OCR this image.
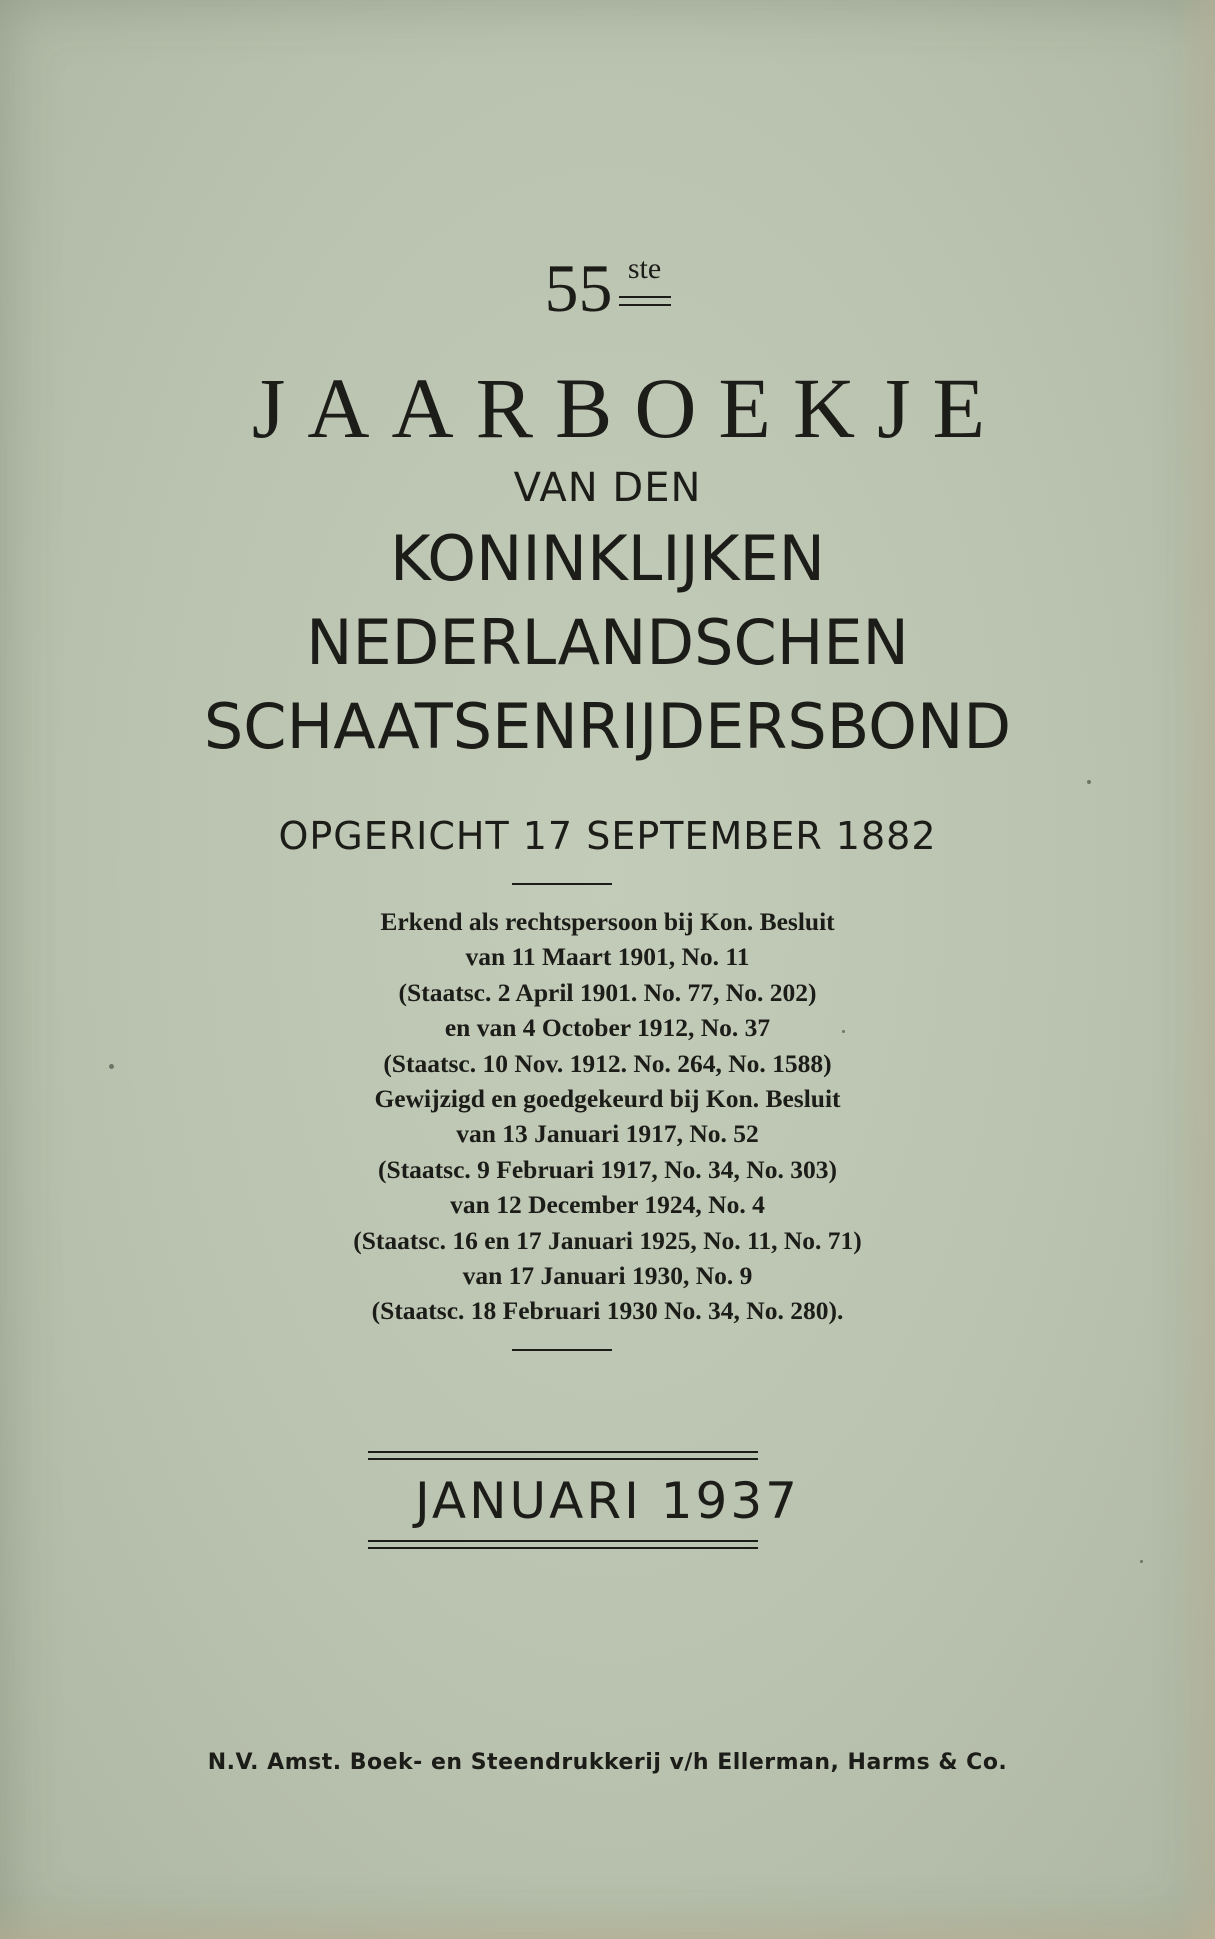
55 ste
JAARBOEKJE
VAN DEN
KONINKLIJKEN
NEDERLANDSCHEN
SCHAATSENRIJDERSBOND
OPGERICHT 17 SEPTEMBER 1882
Erkend als rechtspersoon bij Kon. Besluit
van 11 Maart 1901, No. 11
(Staatsc. 2 April 1901. No. 77, No. 202)
en van 4 October 1912, No. 37
(Staatsc. 10 Nov. 1912. No. 264, No. 1588)
Gewijzigd en goedgekeurd bij Kon. Besluit
van 13 Januari 1917, No. 52
(Staatsc. 9 Februari 1917, No. 34, No. 303)
van 12 December 1924, No. 4
(Staatsc. 16 en 17 Januari 1925, No. 11, No. 71)
van 17 Januari 1930, No. 9
(Staatsc. 18 Februari 1930 No. 34, No. 280).
JANUARI 1937
N.V. Amst. Boek- en Steendrukkerij v/h Ellerman, Harms & Co.
